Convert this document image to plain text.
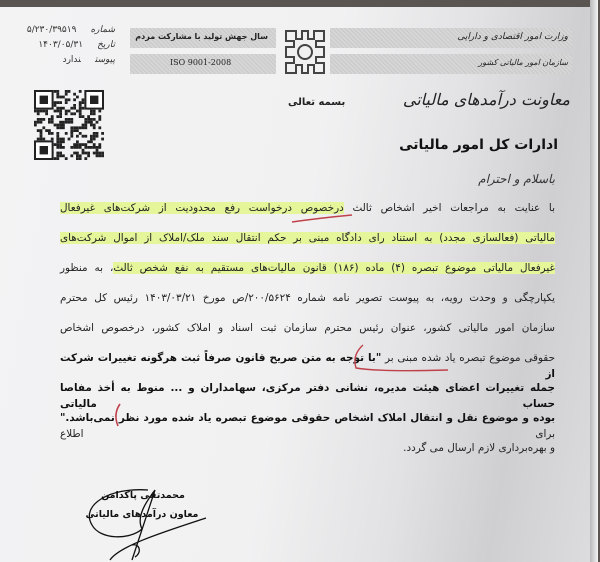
شماره۵/۲۳۰/۳۹۵۱۹
تاریخ۱۴۰۳/۰۵/۳۱
پیوستندارد
سال جهش تولید با مشارکت مردم
ISO 9001-2008
وزارت امور اقتصادی و دارایی
سازمان امور مالیاتی کشور
معاونت درآمدهای مالیاتی
بسمه تعالی
ادارات کل امور مالیاتی
باسلام و احترام
با عنایت به مراجعات اخیر اشخاص ثالث درخصوص درخواست رفع محدودیت از شرکت‌های غیرفعال
مالیاتی (فعالسازی مجدد) به استناد رای دادگاه مبنی بر حکم انتقال سند ملک/املاک از اموال شرکت‌های
غیرفعال مالیاتی موضوع تبصره (۴) ماده (۱۸۶) قانون مالیات‌های مستقیم به نفع شخص ثالث، به منظور
یکپارچگی و وحدت رویه، به پیوست تصویر نامه شماره ۲۰۰/۵۶۲۴/ص مورخ ۱۴۰۳/۰۳/۲۱ رئیس کل محترم
سازمان امور مالیاتی کشور، عنوان رئیس محترم سازمان ثبت اسناد و املاک کشور، درخصوص اشخاص
حقوقی موضوع تبصره یاد شده مبنی بر "با توجه به متن صریح قانون صرفاً ثبت هرگونه تغییرات شرکت از
جمله تغییرات اعضای هیئت مدیره، نشانی دفتر مرکزی، سهامداران و ... منوط به أخذ مفاصا حساب مالیاتی
بوده و موضوع نقل و انتقال املاک اشخاص حقوقی موضوع تبصره یاد شده مورد نظر نمی‌باشد." برای اطلاع
و بهره‌برداری لازم ارسال می گردد.
محمدتقی پاکدامن
معاون درآمدهای مالیاتی
